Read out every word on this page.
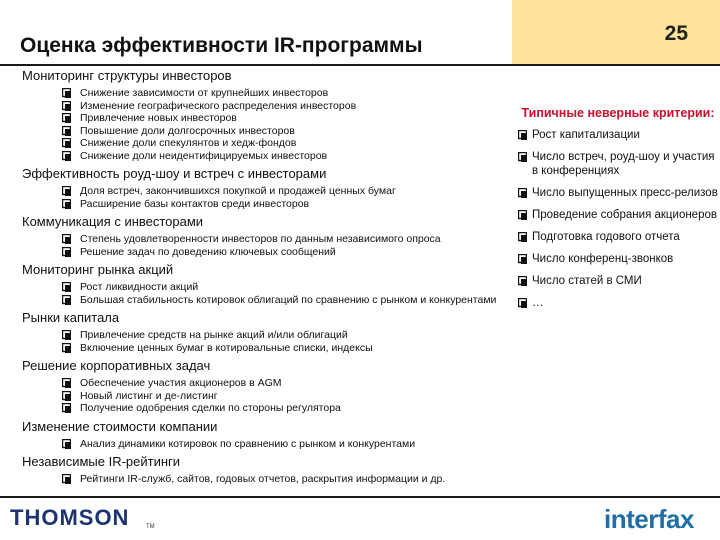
Оценка эффективности IR-программы
25
Мониторинг структуры инвесторов
Снижение зависимости от крупнейших инвесторов
Изменение географического распределения инвесторов
Привлечение новых инвесторов
Повышение доли долгосрочных инвесторов
Снижение доли спекулянтов и хедж-фондов
Снижение доли неидентифицируемых инвесторов
Эффективность роуд-шоу и встреч с инвесторами
Доля встреч, закончившихся покупкой и продажей ценных бумаг
Расширение базы контактов среди инвесторов
Коммуникация с инвесторами
Степень удовлетворенности инвесторов по данным независимого опроса
Решение задач по доведению ключевых сообщений
Мониторинг рынка акций
Рост ликвидности акций
Большая стабильность котировок облигаций по сравнению с рынком и конкурентами
Рынки капитала
Привлечение средств на рынке акций и/или облигаций
Включение ценных бумаг в котировальные списки, индексы
Решение корпоративных задач
Обеспечение участия акционеров в AGM
Новый листинг и де-листинг
Получение одобрения сделки по стороны регулятора
Изменение стоимости компании
Анализ динамики котировок по сравнению с рынком и конкурентами
Независимые IR-рейтинги
Рейтинги IR-служб, сайтов, годовых отчетов, раскрытия информации и др.
Типичные неверные критерии:
Рост капитализации
Число встреч, роуд-шоу и участия в конференциях
Число выпущенных пресс-релизов
Проведение собрания акционеров
Подготовка годового отчета
Число конференц-звонков
Число статей в СМИ
…
THOMSON	TM	interfax
